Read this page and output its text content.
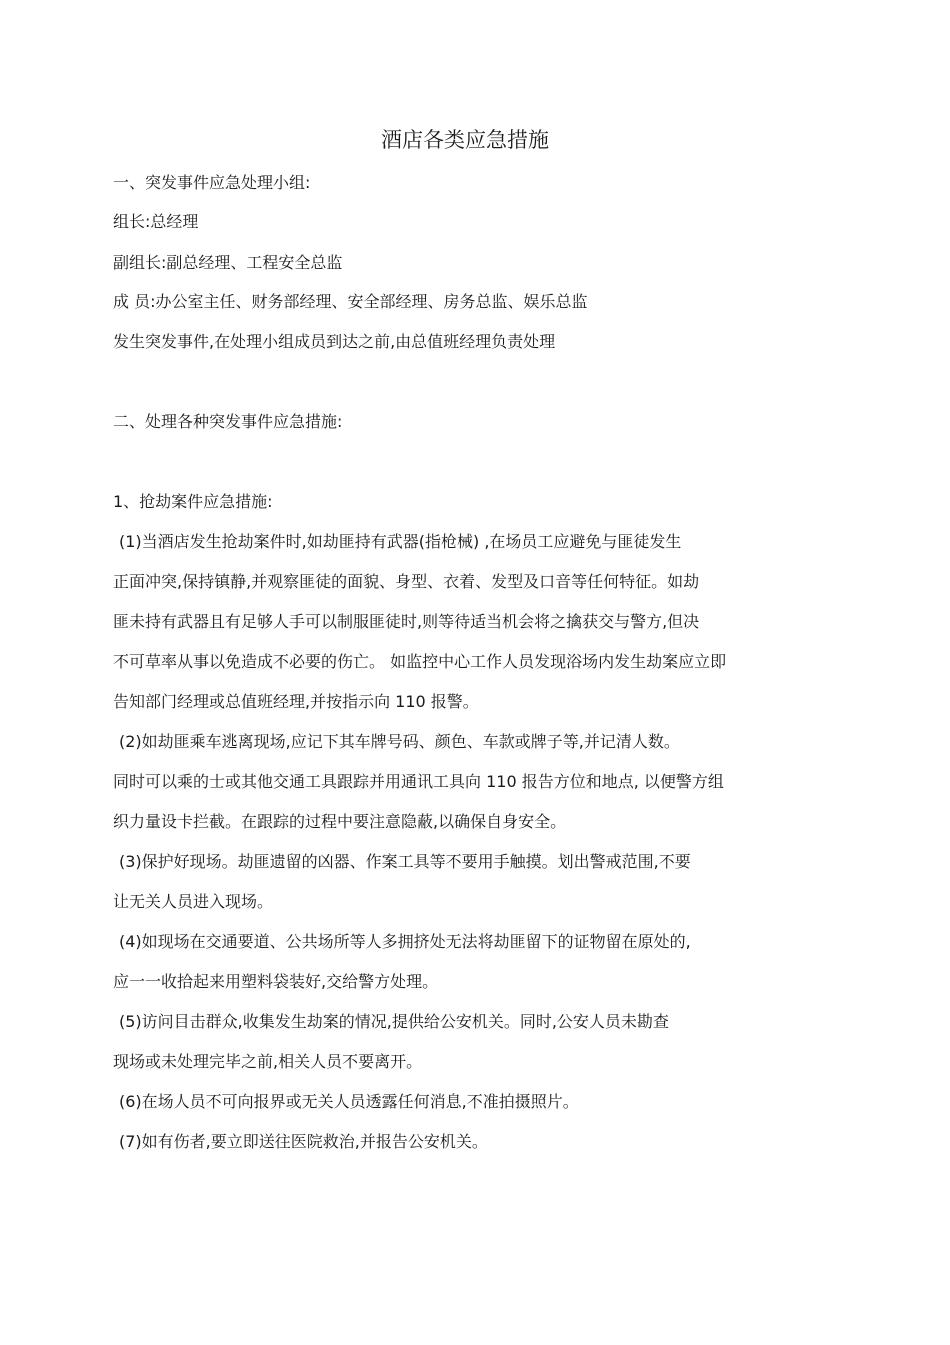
酒店各类应急措施
一、突发事件应急处理小组:
组长:总经理
副组长:副总经理、工程安全总监
成 员:办公室主任、财务部经理、安全部经理、房务总监、娱乐总监
发生突发事件,在处理小组成员到达之前,由总值班经理负责处理
二、处理各种突发事件应急措施:
1、抢劫案件应急措施:
(1)当酒店发生抢劫案件时,如劫匪持有武器(指枪械) ,在场员工应避免与匪徒发生
正面冲突,保持镇静,并观察匪徒的面貌、身型、衣着、发型及口音等任何特征。如劫
匪未持有武器且有足够人手可以制服匪徒时,则等待适当机会将之擒获交与警方,但决
不可草率从事以免造成不必要的伤亡。 如监控中心工作人员发现浴场内发生劫案应立即
告知部门经理或总值班经理,并按指示向 110 报警。
(2)如劫匪乘车逃离现场,应记下其车牌号码、颜色、车款或牌子等,并记清人数。
同时可以乘的士或其他交通工具跟踪并用通讯工具向 110 报告方位和地点, 以便警方组
织力量设卡拦截。在跟踪的过程中要注意隐蔽,以确保自身安全。
(3)保护好现场。劫匪遗留的凶器、作案工具等不要用手触摸。划出警戒范围,不要
让无关人员进入现场。
(4)如现场在交通要道、公共场所等人多拥挤处无法将劫匪留下的证物留在原处的,
应一一收拾起来用塑料袋装好,交给警方处理。
(5)访问目击群众,收集发生劫案的情况,提供给公安机关。同时,公安人员未勘查
现场或未处理完毕之前,相关人员不要离开。
(6)在场人员不可向报界或无关人员透露任何消息,不准拍摄照片。
(7)如有伤者,要立即送往医院救治,并报告公安机关。
